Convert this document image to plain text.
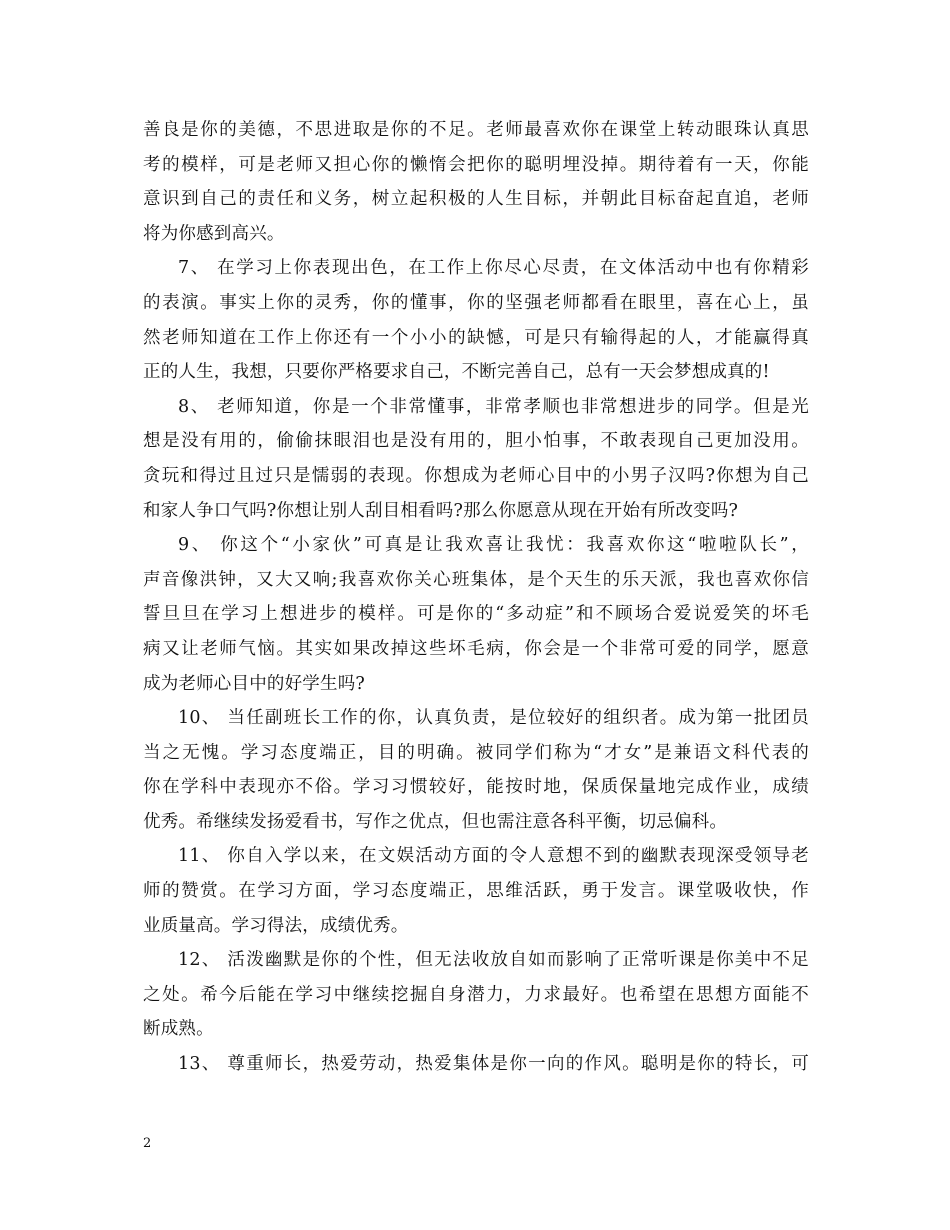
善良是你的美德，不思进取是你的不足。老师最喜欢你在课堂上转动眼珠认真思
考的模样，可是老师又担心你的懒惰会把你的聪明埋没掉。期待着有一天，你能
意识到自己的责任和义务，树立起积极的人生目标，并朝此目标奋起直追，老师
将为你感到高兴。
7、 在学习上你表现出色，在工作上你尽心尽责，在文体活动中也有你精彩
的表演。事实上你的灵秀，你的懂事，你的坚强老师都看在眼里，喜在心上，虽
然老师知道在工作上你还有一个小小的缺憾，可是只有输得起的人，才能赢得真
正的人生，我想，只要你严格要求自己，不断完善自己，总有一天会梦想成真的!
8、 老师知道，你是一个非常懂事，非常孝顺也非常想进步的同学。但是光
想是没有用的，偷偷抹眼泪也是没有用的，胆小怕事，不敢表现自己更加没用。
贪玩和得过且过只是懦弱的表现。你想成为老师心目中的小男子汉吗?你想为自己
和家人争口气吗?你想让别人刮目相看吗?那么你愿意从现在开始有所改变吗?
9、 你这个“小家伙”可真是让我欢喜让我忧：我喜欢你这“啦啦队长”，
声音像洪钟，又大又响;我喜欢你关心班集体，是个天生的乐天派，我也喜欢你信
誓旦旦在学习上想进步的模样。可是你的“多动症”和不顾场合爱说爱笑的坏毛
病又让老师气恼。其实如果改掉这些坏毛病，你会是一个非常可爱的同学，愿意
成为老师心目中的好学生吗?
10、 当任副班长工作的你，认真负责，是位较好的组织者。成为第一批团员
当之无愧。学习态度端正，目的明确。被同学们称为“才女”是兼语文科代表的
你在学科中表现亦不俗。学习习惯较好，能按时地，保质保量地完成作业，成绩
优秀。希继续发扬爱看书，写作之优点，但也需注意各科平衡，切忌偏科。
11、 你自入学以来，在文娱活动方面的令人意想不到的幽默表现深受领导老
师的赞赏。在学习方面，学习态度端正，思维活跃，勇于发言。课堂吸收快，作
业质量高。学习得法，成绩优秀。
12、 活泼幽默是你的个性，但无法收放自如而影响了正常听课是你美中不足
之处。希今后能在学习中继续挖掘自身潜力，力求最好。也希望在思想方面能不
断成熟。
13、 尊重师长，热爱劳动，热爱集体是你一向的作风。聪明是你的特长，可
2
